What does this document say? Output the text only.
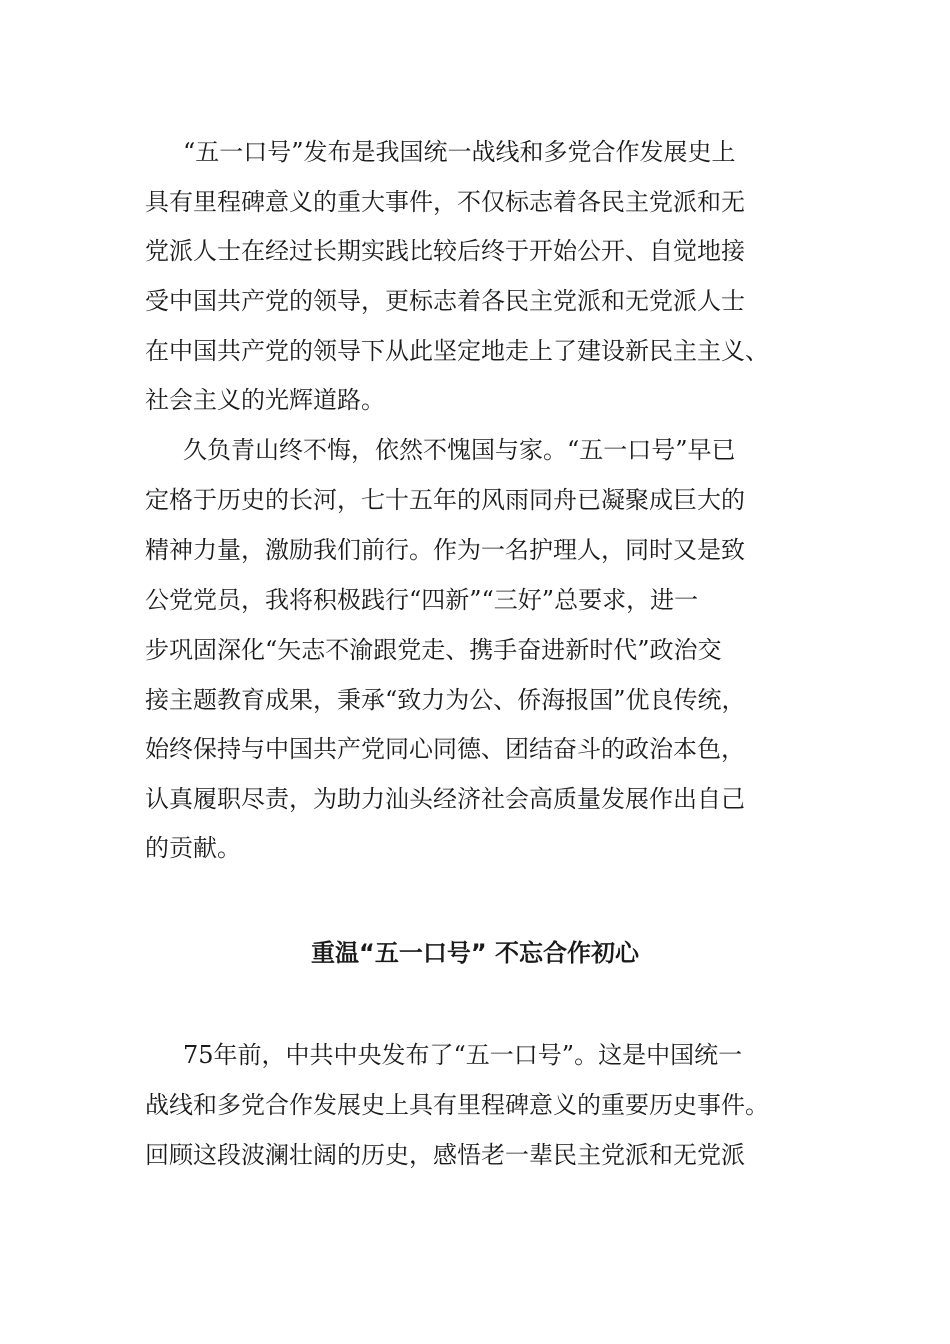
“五一口号”发布是我国统一战线和多党合作发展史上
具有里程碑意义的重大事件，不仅标志着各民主党派和无
党派人士在经过长期实践比较后终于开始公开、自觉地接
受中国共产党的领导，更标志着各民主党派和无党派人士
在中国共产党的领导下从此坚定地走上了建设新民主主义、
社会主义的光辉道路。
久负青山终不悔，依然不愧国与家。“五一口号”早已
定格于历史的长河，七十五年的风雨同舟已凝聚成巨大的
精神力量，激励我们前行。作为一名护理人，同时又是致
公党党员，我将积极践行“四新”“三好”总要求，进一
步巩固深化“矢志不渝跟党走、携手奋进新时代”政治交
接主题教育成果，秉承“致力为公、侨海报国”优良传统，
始终保持与中国共产党同心同德、团结奋斗的政治本色，
认真履职尽责，为助力汕头经济社会高质量发展作出自己
的贡献。
重温“五一口号” 不忘合作初心
75年前，中共中央发布了“五一口号”。这是中国统一
战线和多党合作发展史上具有里程碑意义的重要历史事件。
回顾这段波澜壮阔的历史，感悟老一辈民主党派和无党派
